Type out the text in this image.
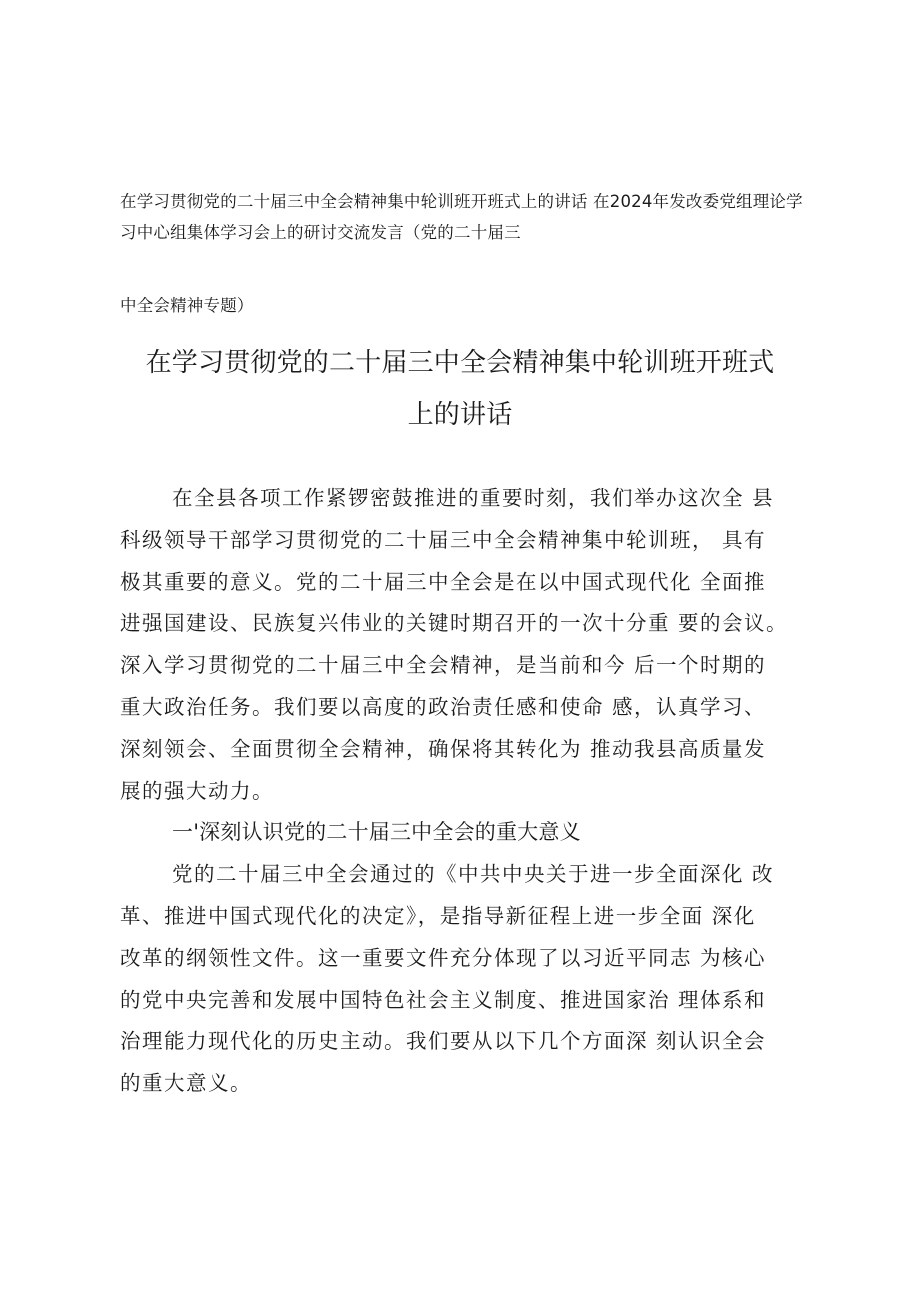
在学习贯彻党的二十届三中全会精神集中轮训班开班式上的讲话 在2024年发改委党组理论学
习中心组集体学习会上的研讨交流发言（党的二十届三
中全会精神专题）
在学习贯彻党的二十届三中全会精神集中轮训班开班式
上的讲话
在全县各项工作紧锣密鼓推进的重要时刻，我们举办这次全 县
科级领导干部学习贯彻党的二十届三中全会精神集中轮训班， 具有
极其重要的意义。党的二十届三中全会是在以中国式现代化 全面推
进强国建设、民族复兴伟业的关键时期召开的一次十分重 要的会议。
深入学习贯彻党的二十届三中全会精神，是当前和今 后一个时期的
重大政治任务。我们要以高度的政治责任感和使命 感，认真学习、
深刻领会、全面贯彻全会精神，确保将其转化为 推动我县高质量发
展的强大动力。
一'深刻认识党的二十届三中全会的重大意义
党的二十届三中全会通过的《中共中央关于进一步全面深化 改
革、推进中国式现代化的决定》，是指导新征程上进一步全面 深化
改革的纲领性文件。这一重要文件充分体现了以习近平同志 为核心
的党中央完善和发展中国特色社会主义制度、推进国家治 理体系和
治理能力现代化的历史主动。我们要从以下几个方面深 刻认识全会
的重大意义。
